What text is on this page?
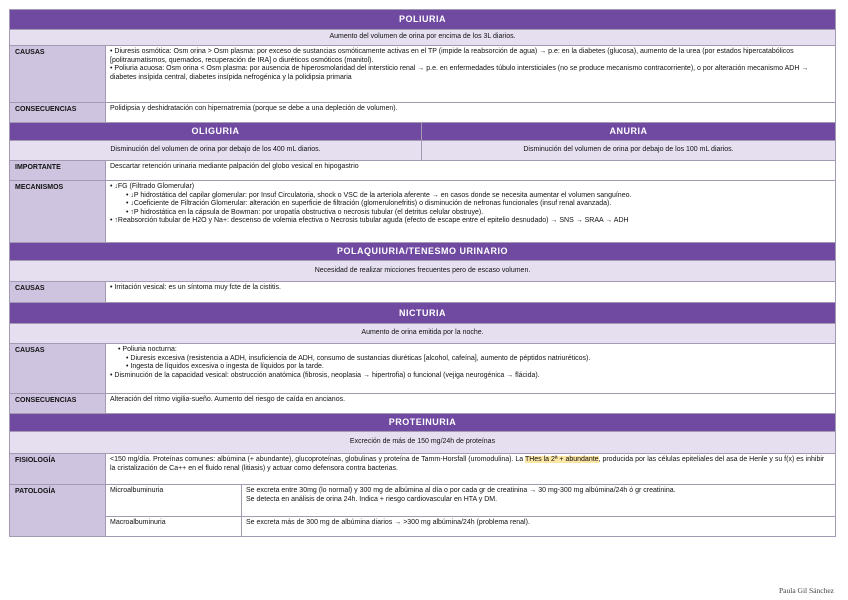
POLIURIA			
Aumento del volumen de orina por encima de los 3L diarios.			
CAUSAS	• Diuresis osmótica: Osm orina > Osm plasma: por exceso de sustancias osmóticamente activas en el TP (impide la reabsorción de agua) → p.e: en la diabetes (glucosa), aumento de la urea (por estados hipercatabólicos [politraumatismos, quemados, recuperación de IRA] o diuréticos osmóticos (manitol).
• Poliuria acuosa: Osm orina < Osm plasma: por ausencia de hiperosmolaridad del intersticio renal → p.e. en enfermedades túbulo intersticiales (no se produce mecanismo contracorriente), o por alteración mecanismo ADH → diabetes insípida central, diabetes insípida nefrogénica y la polidipsia primaria		

CONSECUENCIAS	Polidipsia y deshidratación con hipernatremia (porque se debe a una depleción de volumen).		
OLIGURIA			ANURIA
Disminución del volumen de orina por debajo de los 400 mL diarios.			Disminución del volumen de orina por debajo de los 100 mL diarios.
IMPORTANTE	Descartar retención urinaria mediante palpación del globo vesical en hipogastrio		
MECANISMOS	• ↓FG (Filtrado Glomerular)
• ↓P hidrostática del capilar glomerular: por Insuf Circulatoria, shock o VSC de la arteriola aferente → en casos donde se necesita aumentar el volumen sanguíneo.
• ↓Coeficiente de Filtración Glomerular: alteración en superficie de filtración (glomerulonefritis) o disminución de nefronas funcionales (insuf renal avanzada).
• ↑P hidrostática en la cápsula de Bowman: por uropatía obstructiva o necrosis tubular (el detritus celular obstruye).
• ↑Reabsorción tubular de H2O y Na+: descenso de volemia efectiva o Necrosis tubular aguda (efecto de escape entre el epitelio desnudado) → SNS → SRAA → ADH		

POLAQUIURIA/TENESMO URINARIO			
Necesidad de realizar micciones frecuentes pero de escaso volumen.			
CAUSAS	• Irritación vesical: es un síntoma muy fcte de la cistitis.		
NICTURIA			
Aumento de orina emitida por la noche.			
CAUSAS	• Poliuria nocturna:
• Diuresis excesiva (resistencia a ADH, insuficiencia de ADH, consumo de sustancias diuréticas [alcohol, cafeína], aumento de péptidos natriuréticos).
• Ingesta de líquidos excesiva o ingesta de líquidos por la tarde.
• Disminución de la capacidad vesical: obstrucción anatómica (fibrosis, neoplasia → hipertrofia) o funcional (vejiga neurogénica → flácida).		

CONSECUENCIAS	Alteración del ritmo vigilia-sueño. Aumento del riesgo de caída en ancianos.		
PROTEINURIA			
Excreción de más de 150 mg/24h de proteínas			
FISIOLOGÍA	<150 mg/día. Proteínas comunes: albúmina (+ abundante), glucoproteínas, globulinas y proteína de Tamm-Horsfall (uromodulina). La THes la 2ª + abundante, producida por las células epiteliales del asa de Henle y su f(x) es inhibir la cristalización de Ca++ en el fluido renal (litiasis) y actuar como defensora contra bacterias.		
PATOLOGÍA	Microalbuminuria	Se excreta entre 30mg (lo normal) y 300 mg de albúmina al día o por cada gr de creatinina → 30 mg-300 mg albúmina/24h ó gr creatinina.
Se detecta en análisis de orina 24h. Indica + riesgo cardiovascular en HTA y DM.	

	Macroalbuminuria	Se excreta más de 300 mg de albúmina diarios → >300 mg albúmina/24h (problema renal).	
Paula Gil Sánchez
